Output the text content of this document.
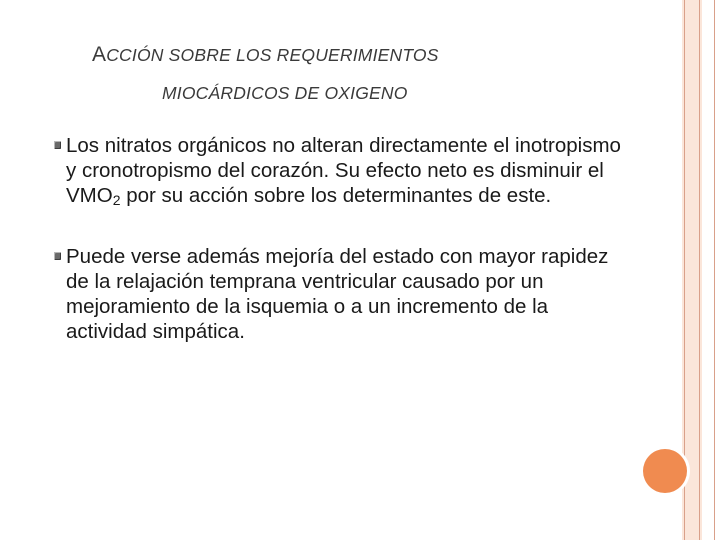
ACCIÓN SOBRE LOS REQUERIMIENTOS
MIOCÁRDICOS DE OXIGENO
Los nitratos orgánicos no alteran directamente el inotropismo y cronotropismo del corazón. Su efecto neto es disminuir el $VMO_2$ por su acción sobre los determinantes de este.
Puede verse además mejoría del estado con mayor rapidez de la relajación temprana ventricular causado por un mejoramiento de la isquemia o a un incremento de la actividad simpática.
